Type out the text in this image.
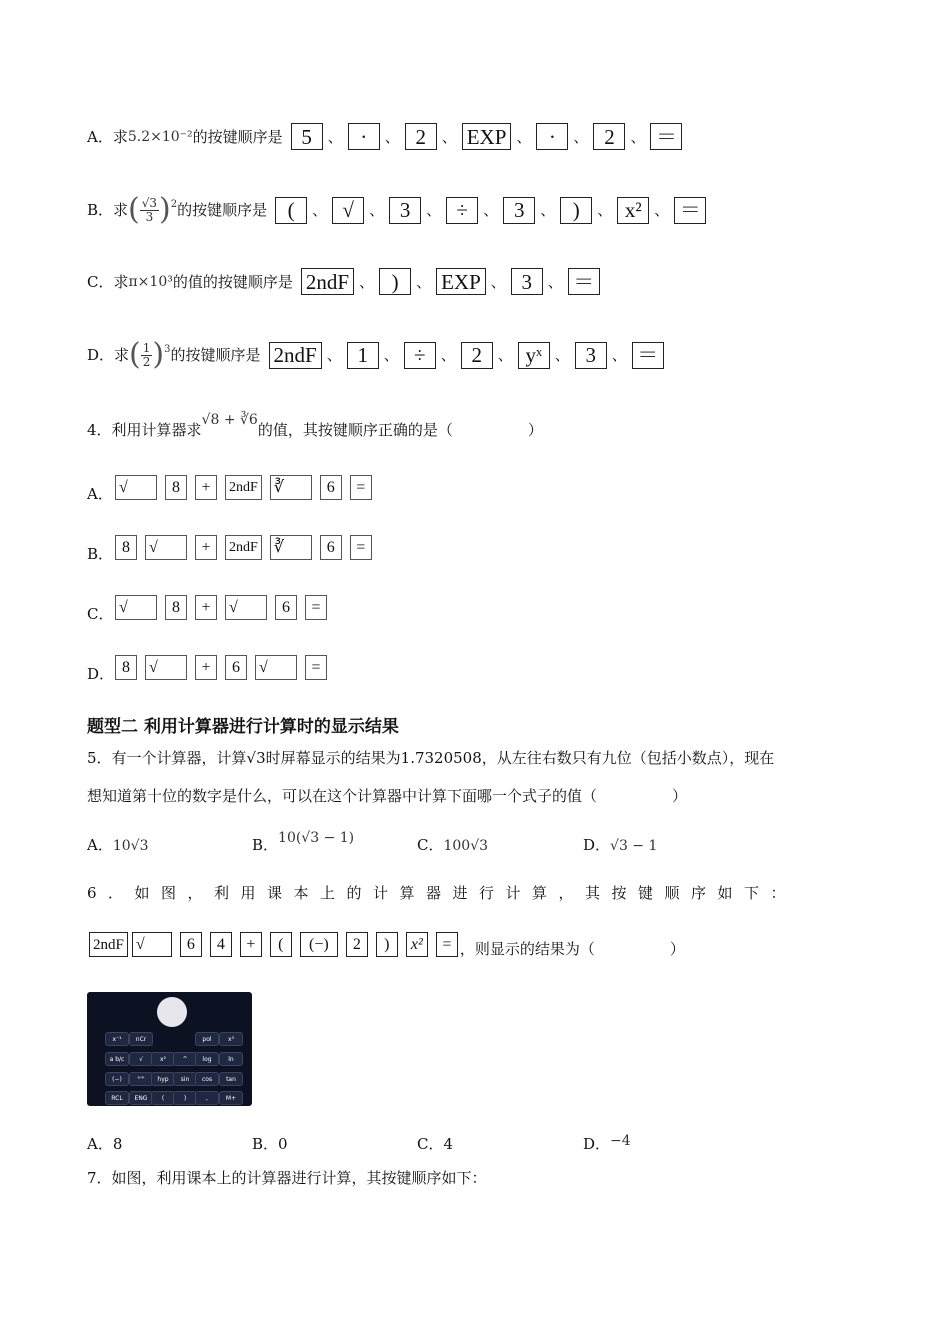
A．求 5.2×10⁻² 的按键顺序是 5	、 ·	、 2	、 EXP 、 ·	、 2	、 ＝
B．求 ( $\frac{√3}{3} )^2$ 的按键顺序是 (	、 √	、 3	、 ÷	、 3	、 )	、 x² 、 ＝
C．求 π×10³ 的值的按键顺序是 2ndF 、 )	、 EXP 、 3	、 ＝
D．求 ( $\frac{1}{2} )^3$ 的按键顺序是 2ndF 、 1	、 ÷	、 2	、 yˣ 、 3	、 ＝
4．利用计算器求
√8 + ∛6
的值，其按键顺序正确的是（　　　　　）
A． √	8	+	2ndF ∛	6	=
B． 8	√	+	2ndF ∛	6	=
C． √	8	+	√	6	=
D． 8	√	+	6	√	=
题型二 利用计算器进行计算时的显示结果
5．有一个计算器，计算√3时屏幕显示的结果为1.7320508，从左往右数只有九位（包括小数点），现在
想知道第十位的数字是什么，可以在这个计算器中计算下面哪一个式子的值（　　　　　）
A．10√3	B．10(√3 − 1)	C．100√3	D．√3 − 1
6．如图，利用课本上的计算器进行计算，其按键顺序如下：
2ndF √	6	4	+	(	(−)	2	)	x²	= ，则显示的结果为（　　　　　）
x⁻¹	nCr	pol	x³
a b/c	√	x²	^	log	ln
(−)	°'"	hyp	sin	cos	tan
RCL	ENG	(	)	,	M+
A．8	B．0	C．4	D．−4
7．如图，利用课本上的计算器进行计算，其按键顺序如下：
